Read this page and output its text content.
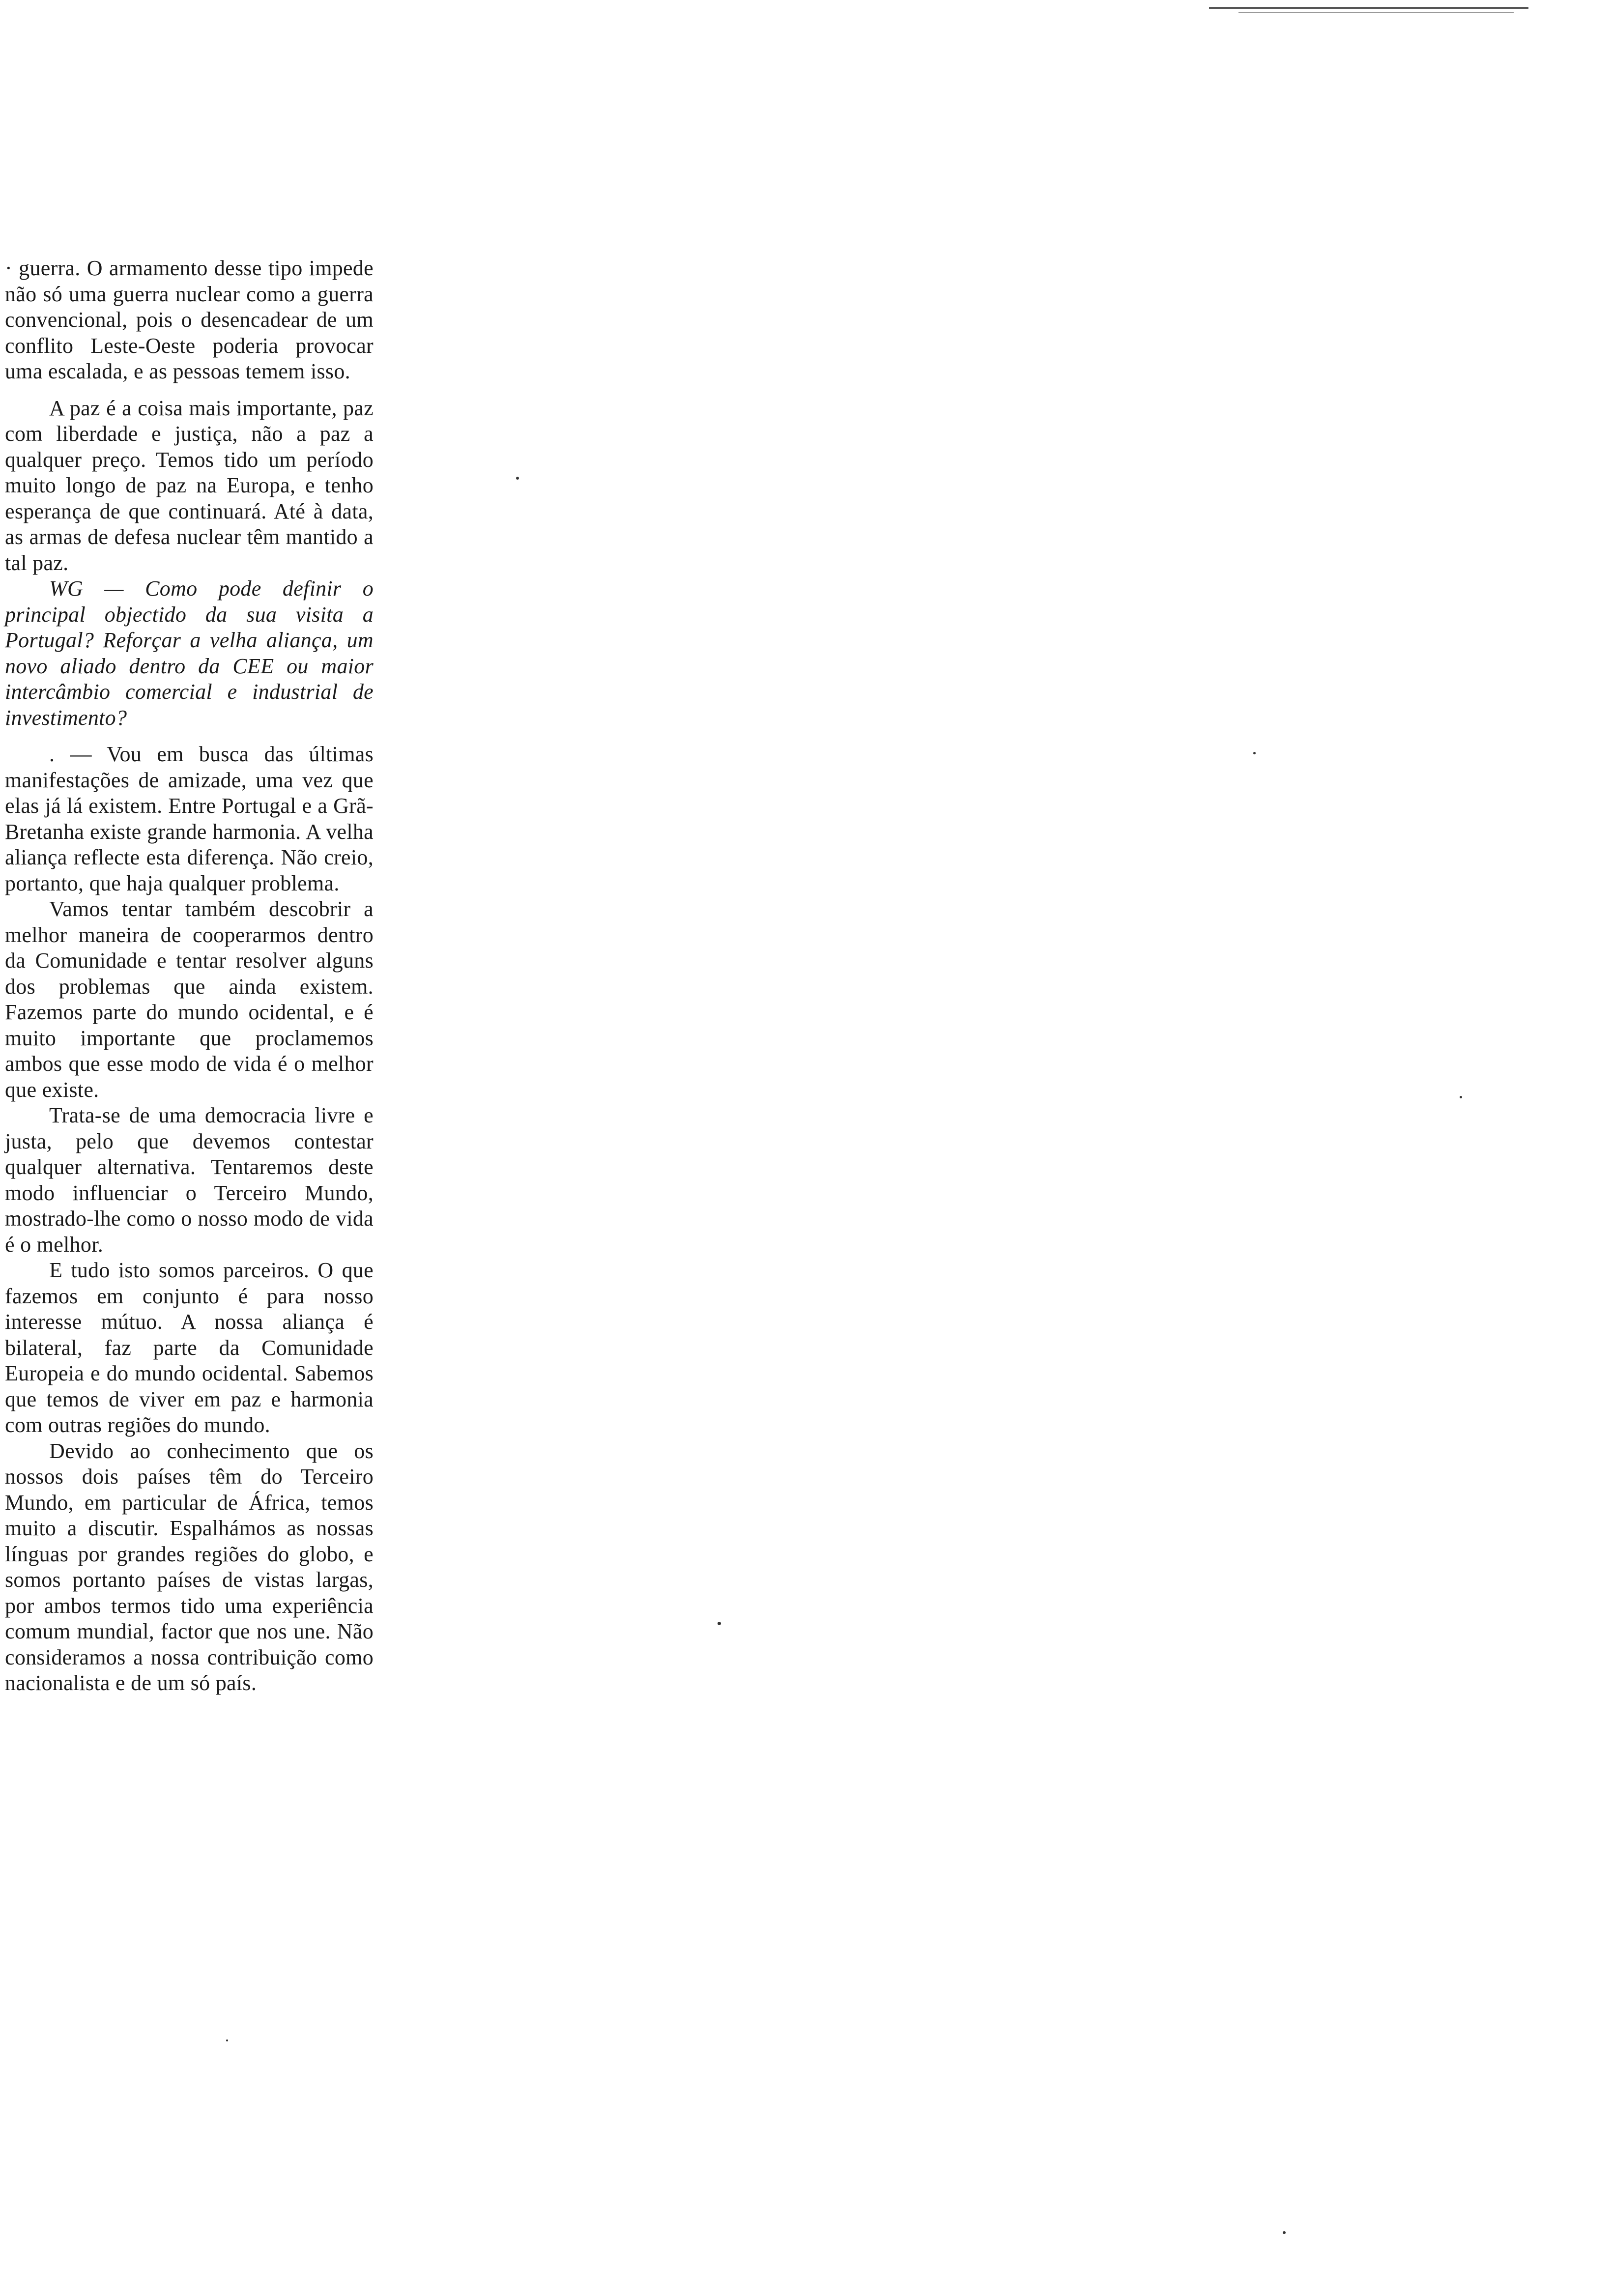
· guerra. O armamento desse tipo impede não só uma guerra nuclear como a guerra convencional, pois o desencadear de um conflito Leste-Oeste poderia provocar uma escalada, e as pessoas temem isso.

A paz é a coisa mais importante, paz com liberdade e justiça, não a paz a qualquer preço. Temos tido um período muito longo de paz na Europa, e tenho esperança de que continuará. Até à data, as armas de defesa nuclear têm mantido a tal paz.

WG — Como pode definir o principal objectido da sua visita a Portugal? Reforçar a velha aliança, um novo aliado dentro da CEE ou maior intercâmbio comercial e industrial de investimento?

. — Vou em busca das últimas manifestações de amizade, uma vez que elas já lá existem. Entre Portugal e a Grã-Bretanha existe grande harmonia. A velha aliança reflecte esta diferença. Não creio, portanto, que haja qualquer problema.

Vamos tentar também descobrir a melhor maneira de cooperarmos dentro da Comunidade e tentar resolver alguns dos problemas que ainda existem. Fazemos parte do mundo ocidental, e é muito importante que proclamemos ambos que esse modo de vida é o melhor que existe.

Trata-se de uma democracia livre e justa, pelo que devemos contestar qualquer alternativa. Tentaremos deste modo influenciar o Terceiro Mundo, mostrado-lhe como o nosso modo de vida é o melhor.

E tudo isto somos parceiros. O que fazemos em conjunto é para nosso interesse mútuo. A nossa aliança é bilateral, faz parte da Comunidade Europeia e do mundo ocidental. Sabemos que temos de viver em paz e harmonia com outras regiões do mundo.

Devido ao conhecimento que os nossos dois países têm do Terceiro Mundo, em particular de África, temos muito a discutir. Espalhámos as nossas línguas por grandes regiões do globo, e somos portanto países de vistas largas, por ambos termos tido uma experiência comum mundial, factor que nos une. Não consideramos a nossa contribuição como nacionalista e de um só país.
